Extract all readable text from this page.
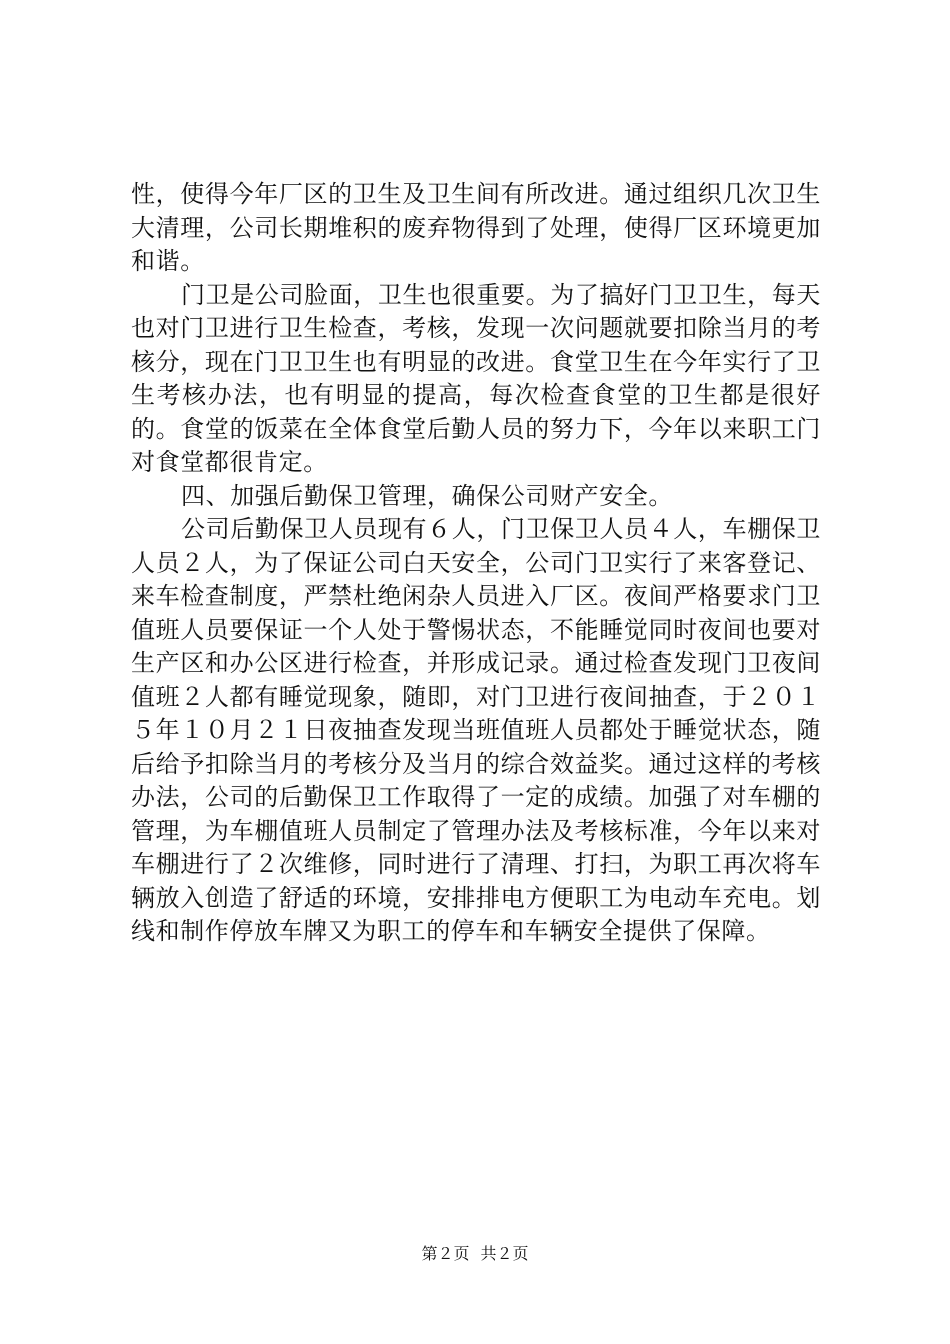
性，使得今年厂区的卫生及卫生间有所改进。通过组织几次卫生大清理，公司长期堆积的废弃物得到了处理，使得厂区环境更加和谐。

门卫是公司脸面，卫生也很重要。为了搞好门卫卫生，每天也对门卫进行卫生检查，考核，发现一次问题就要扣除当月的考核分，现在门卫卫生也有明显的改进。食堂卫生在今年实行了卫生考核办法，也有明显的提高，每次检查食堂的卫生都是很好的。食堂的饭菜在全体食堂后勤人员的努力下，今年以来职工门对食堂都很肯定。

四、加强后勤保卫管理，确保公司财产安全。

公司后勤保卫人员现有６人，门卫保卫人员４人，车棚保卫人员２人，为了保证公司白天安全，公司门卫实行了来客登记、来车检查制度，严禁杜绝闲杂人员进入厂区。夜间严格要求门卫值班人员要保证一个人处于警惕状态，不能睡觉同时夜间也要对生产区和办公区进行检查，并形成记录。通过检查发现门卫夜间值班２人都有睡觉现象，随即，对门卫进行夜间抽查，于２０１５年１０月２１日夜抽查发现当班值班人员都处于睡觉状态，随后给予扣除当月的考核分及当月的综合效益奖。通过这样的考核办法，公司的后勤保卫工作取得了一定的成绩。加强了对车棚的管理，为车棚值班人员制定了管理办法及考核标准，今年以来对车棚进行了２次维修，同时进行了清理、打扫，为职工再次将车辆放入创造了舒适的环境，安排排电方便职工为电动车充电。划线和制作停放车牌又为职工的停车和车辆安全提供了保障。

第２页 共２页
